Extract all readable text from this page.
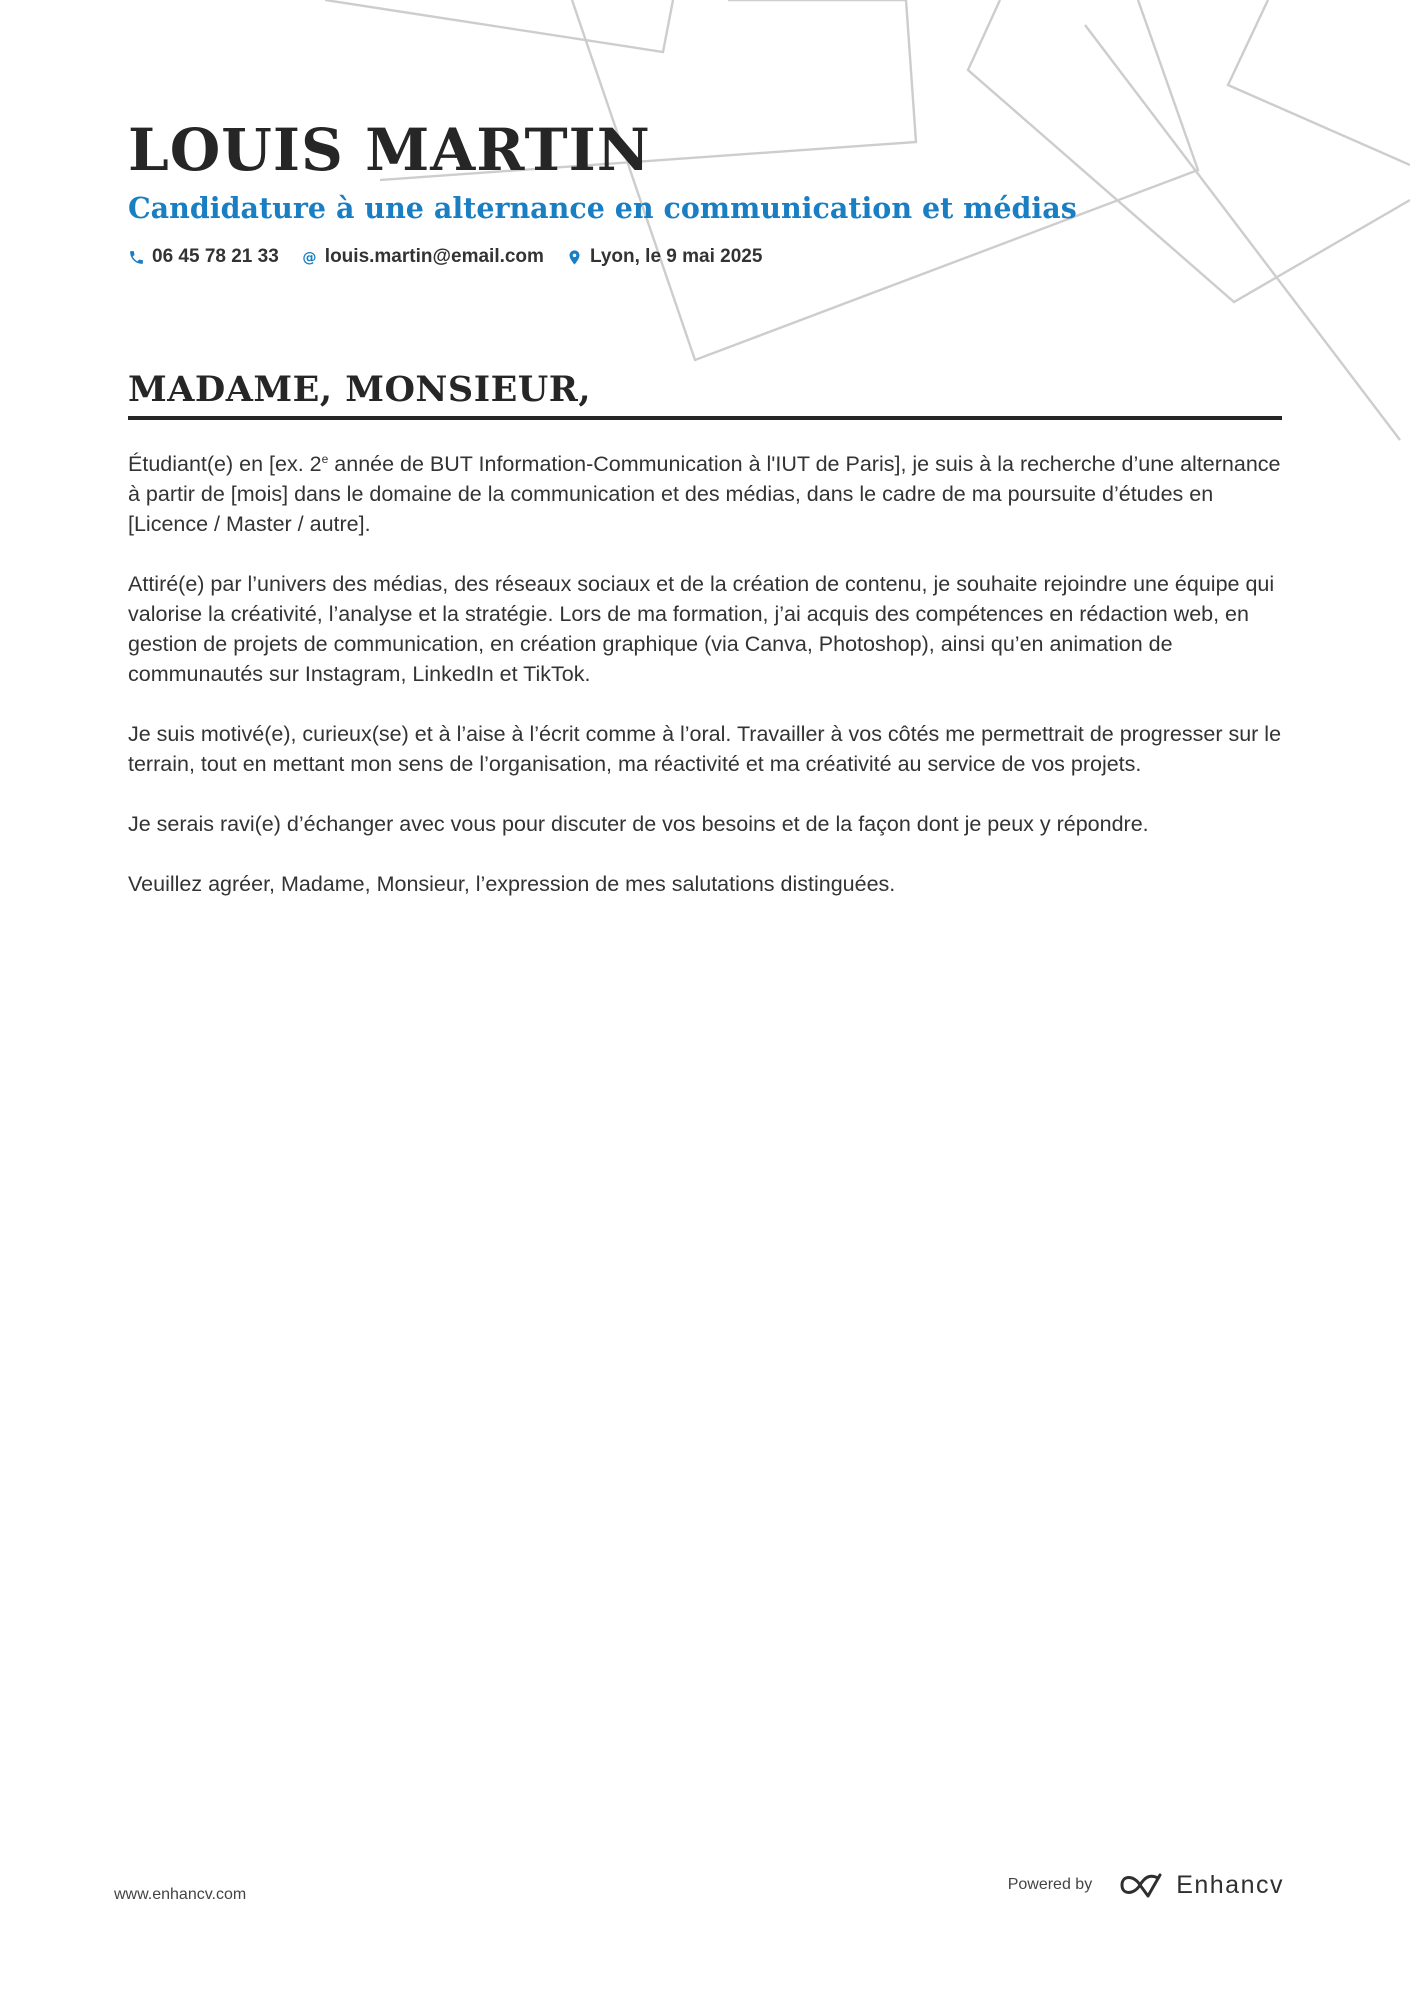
LOUIS MARTIN
Candidature à une alternance en communication et médias
06 45 78 21 33 @ louis.martin@email.com Lyon, le 9 mai 2025
MADAME, MONSIEUR,

Étudiant(e) en [ex. 2e année de BUT Information-Communication à l'IUT de Paris], je suis à la recherche d’une alternance à partir de [mois] dans le domaine de la communication et des médias, dans le cadre de ma poursuite d’études en [Licence / Master / autre].

Attiré(e) par l’univers des médias, des réseaux sociaux et de la création de contenu, je souhaite rejoindre une équipe qui valorise la créativité, l’analyse et la stratégie. Lors de ma formation, j’ai acquis des compétences en rédaction web, en gestion de projets de communication, en création graphique (via Canva, Photoshop), ainsi qu’en animation de communautés sur Instagram, LinkedIn et TikTok.

Je suis motivé(e), curieux(se) et à l’aise à l’écrit comme à l’oral. Travailler à vos côtés me permettrait de progresser sur le terrain, tout en mettant mon sens de l’organisation, ma réactivité et ma créativité au service de vos projets.

Je serais ravi(e) d’échanger avec vous pour discuter de vos besoins et de la façon dont je peux y répondre.

Veuillez agréer, Madame, Monsieur, l’expression de mes salutations distinguées.

www.enhancv.com
Powered by	Enhancv
